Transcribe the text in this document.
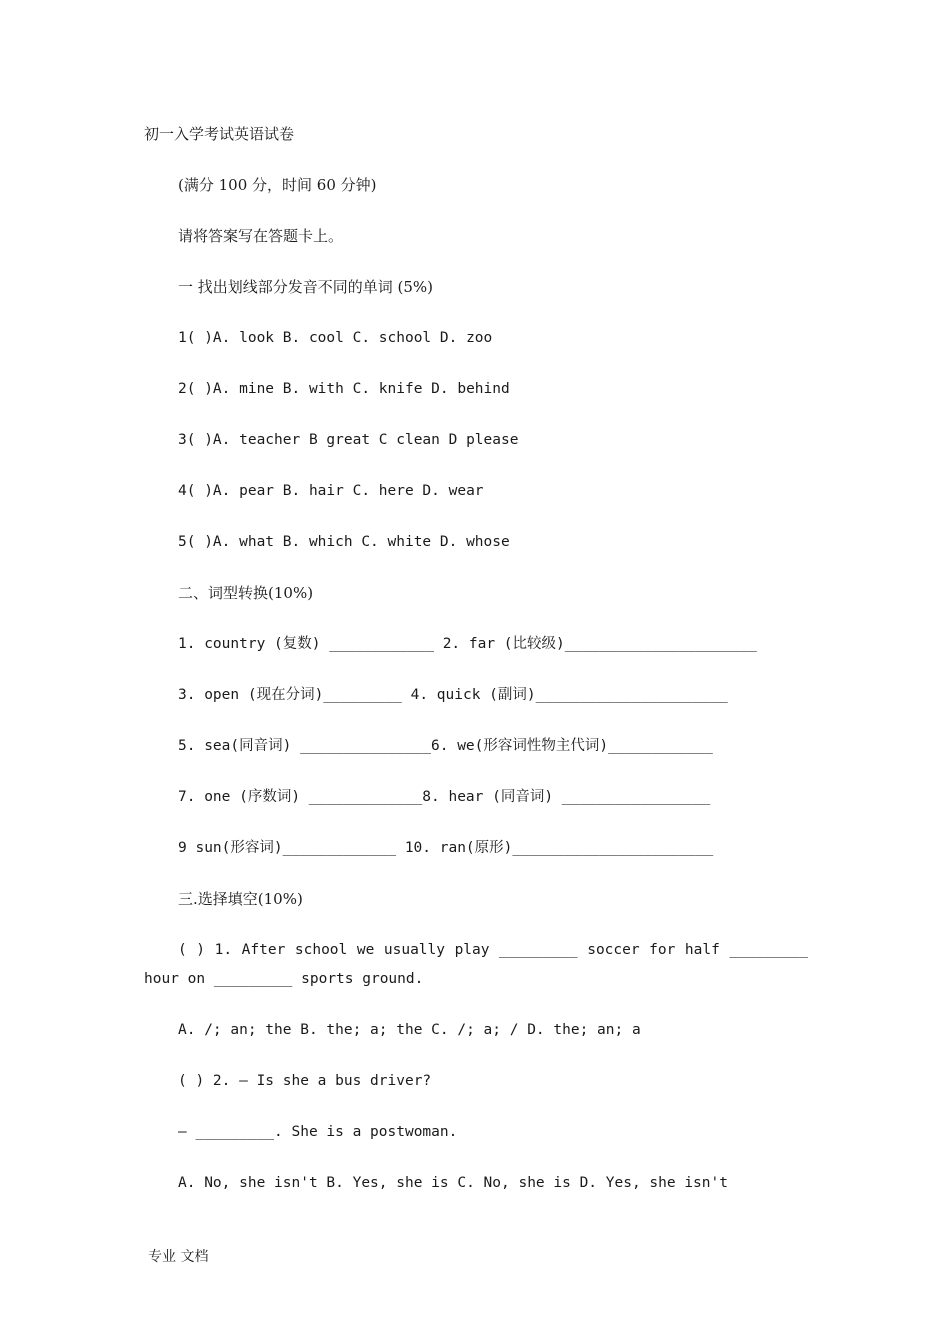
初一入学考试英语试卷
(满分 100 分，时间 60 分钟)
请将答案写在答题卡上。
一 找出划线部分发音不同的单词 (5%)
1( )A. look B. cool C. school D. zoo
2( )A. mine B. with C. knife D. behind
3( )A. teacher B great C clean D please
4( )A. pear B. hair C. here D. wear
5( )A. what B. which C. white D. whose
二、词型转换(10%)
1. country (复数) ____________ 2. far (比较级)______________________
3. open (现在分词)_________ 4. quick (副词)______________________
5. sea(同音词) _______________6. we(形容词性物主代词)____________
7. one (序数词) _____________8. hear (同音词) _________________
9 sun(形容词)_____________ 10. ran(原形)_______________________
三.选择填空(10%)
( ) 1. After school we usually play _________ soccer for half _________ hour on _________ sports ground.
A. /; an; the B. the; a; the C. /; a; / D. the; an; a
( ) 2. — Is she a bus driver?
— _________. She is a postwoman.
A. No, she isn't B. Yes, she is C. No, she is D. Yes, she isn't
专业 文档
